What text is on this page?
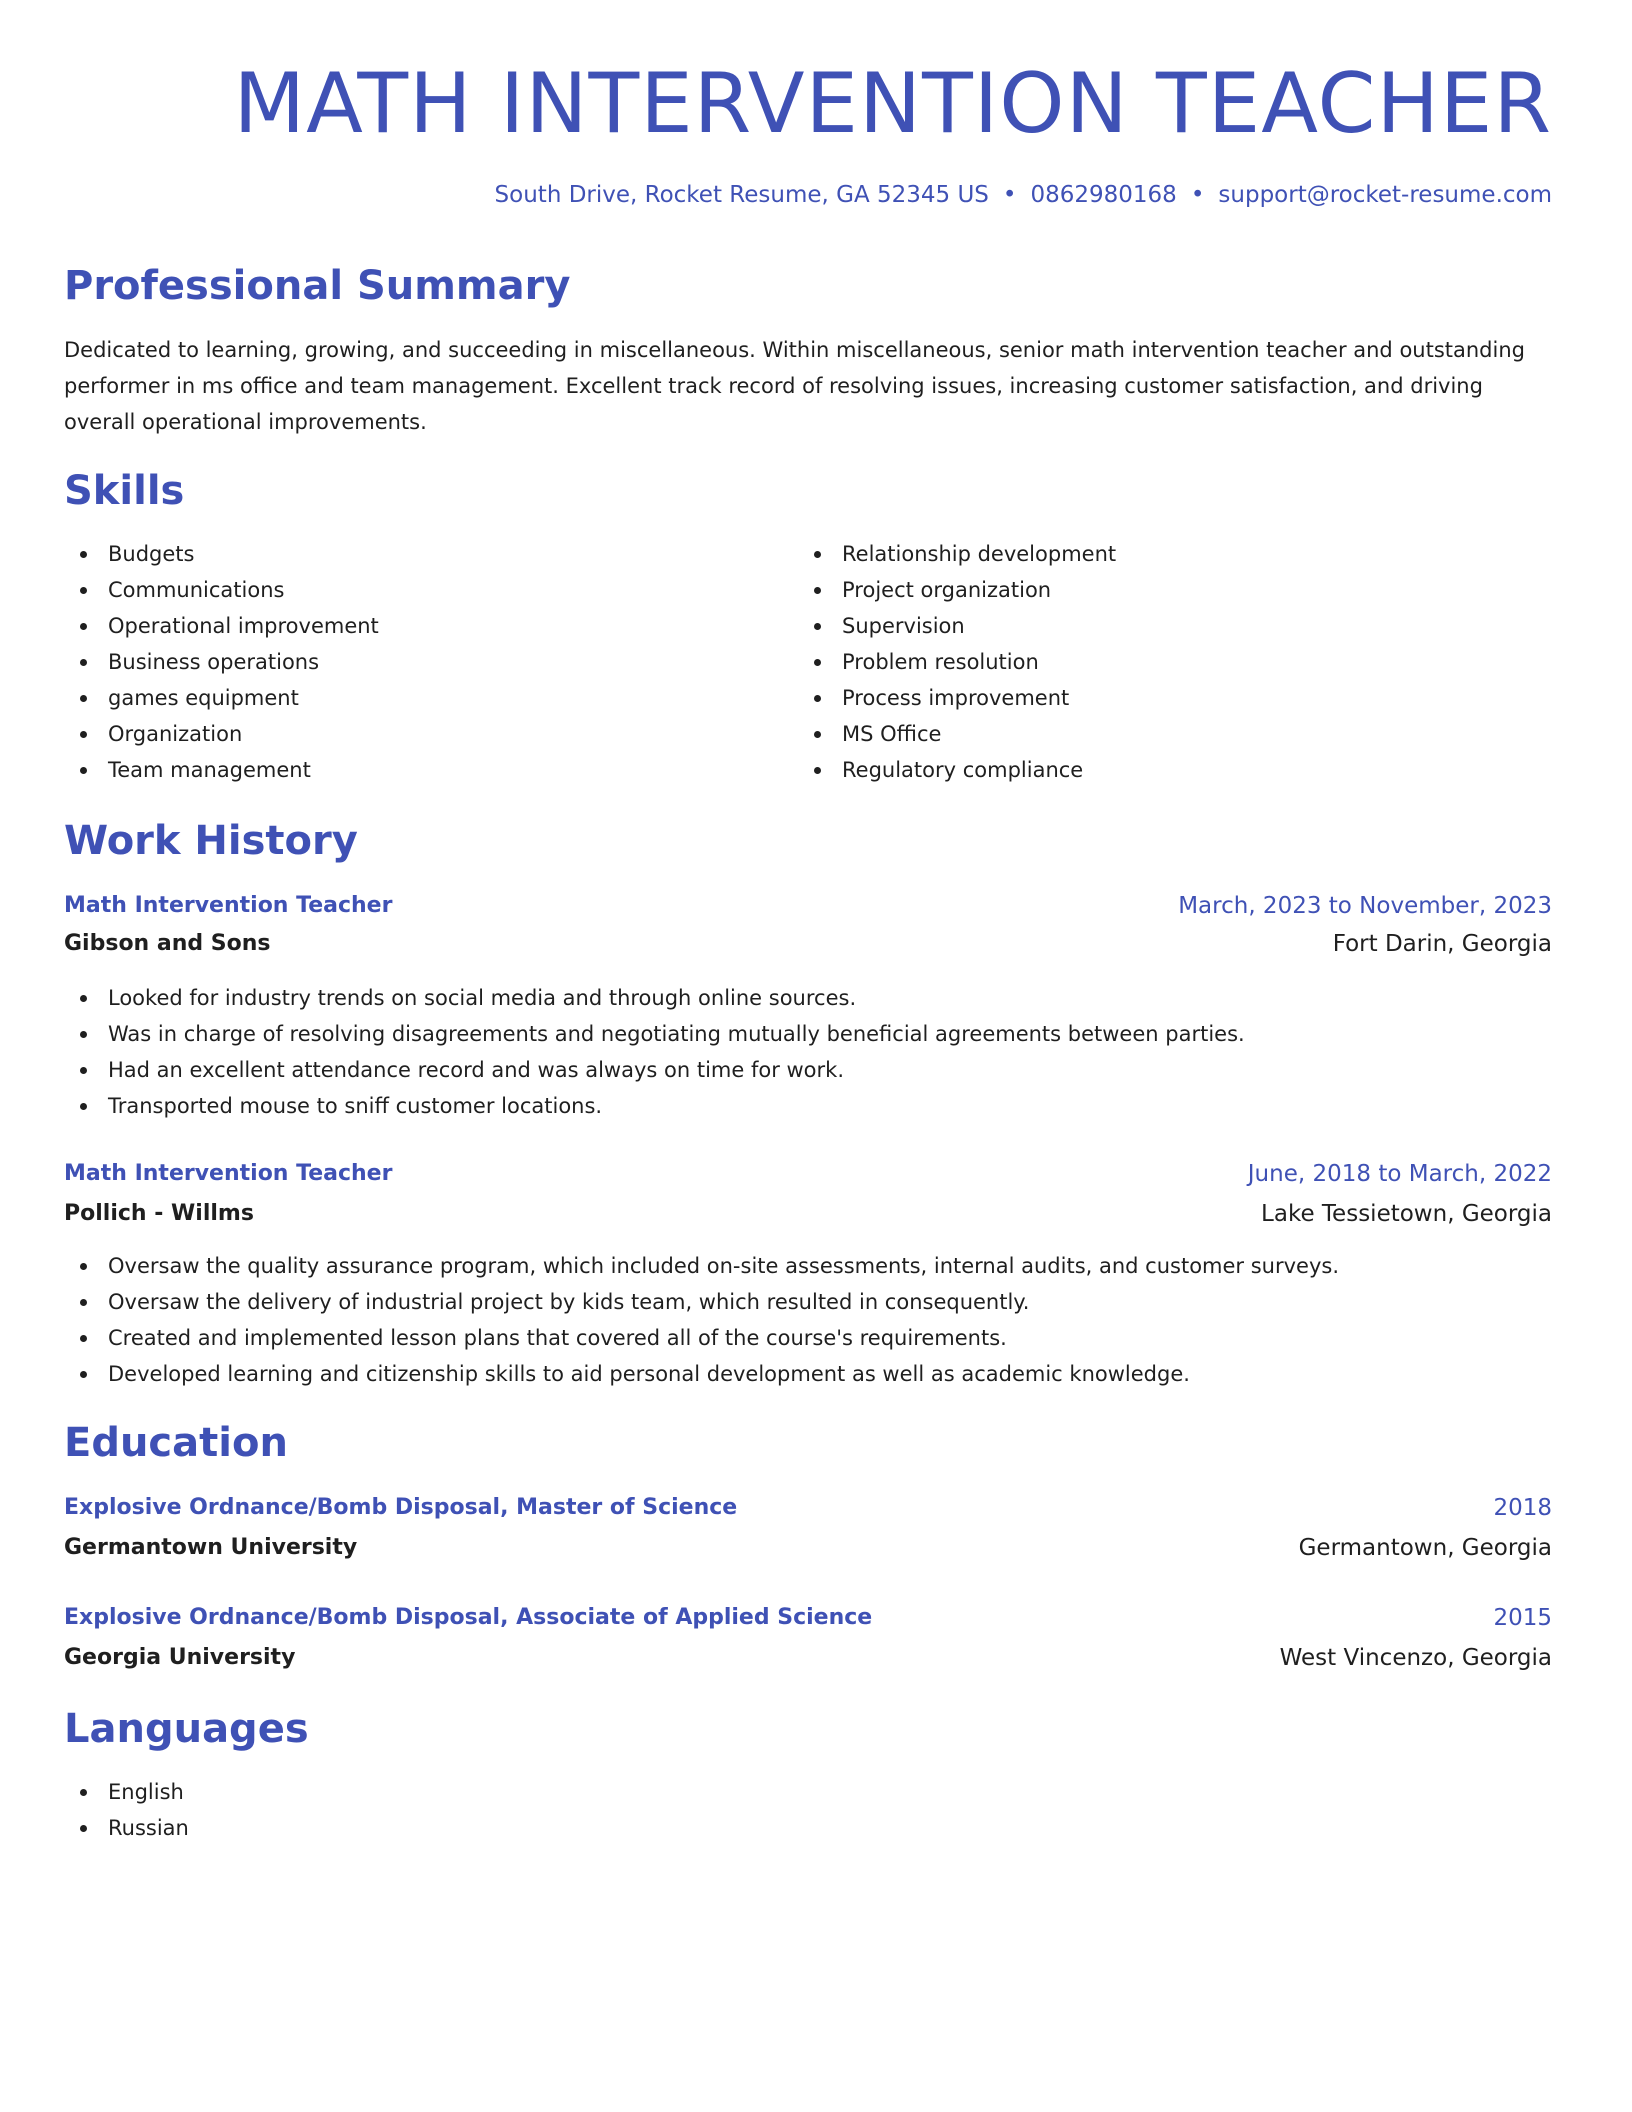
MATH INTERVENTION TEACHER
South Drive, Rocket Resume, GA 52345 US • 0862980168 • support@rocket-resume.com
Professional Summary

Dedicated to learning, growing, and succeeding in miscellaneous. Within miscellaneous, senior math intervention teacher and outstanding performer in ms office and team management. Excellent track record of resolving issues, increasing customer satisfaction, and driving overall operational improvements.

Skills
Budgets
Communications
Operational improvement
Business operations
games equipment
Organization
Team management
Relationship development
Project organization
Supervision
Problem resolution
Process improvement
MS Office
Regulatory compliance
Work History
Math Intervention Teacher	March, 2023 to November, 2023
Gibson and Sons	Fort Darin, Georgia
Looked for industry trends on social media and through online sources.
Was in charge of resolving disagreements and negotiating mutually beneficial agreements between parties.
Had an excellent attendance record and was always on time for work.
Transported mouse to sniff customer locations.
Math Intervention Teacher	June, 2018 to March, 2022
Pollich - Willms	Lake Tessietown, Georgia
Oversaw the quality assurance program, which included on-site assessments, internal audits, and customer surveys.
Oversaw the delivery of industrial project by kids team, which resulted in consequently.
Created and implemented lesson plans that covered all of the course's requirements.
Developed learning and citizenship skills to aid personal development as well as academic knowledge.
Education
Explosive Ordnance/Bomb Disposal, Master of Science	2018
Germantown University	Germantown, Georgia
Explosive Ordnance/Bomb Disposal, Associate of Applied Science	2015
Georgia University	West Vincenzo, Georgia
Languages
English
Russian
